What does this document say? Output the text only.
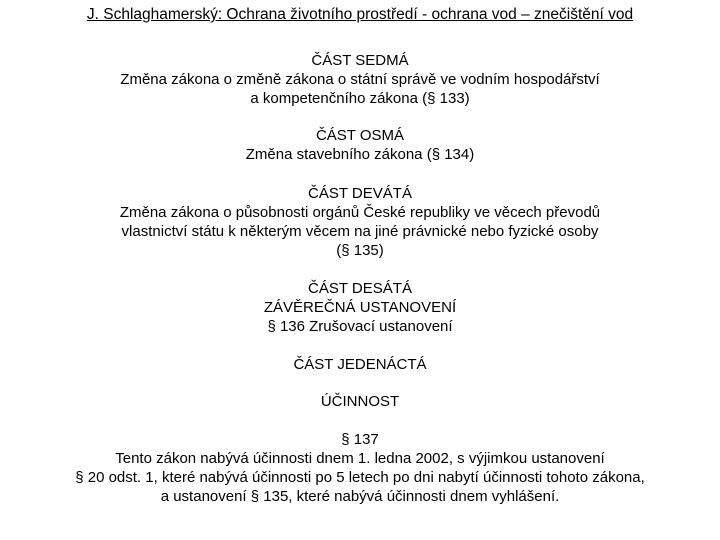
J. Schlaghamerský: Ochrana životního prostředí - ochrana vod – znečištění vod

ČÁST SEDMÁ

Změna zákona o změně zákona o státní správě ve vodním hospodářství

a kompetenčního zákona (§ 133)

ČÁST OSMÁ

Změna stavebního zákona (§ 134)

ČÁST DEVÁTÁ

Změna zákona o působnosti orgánů České republiky ve věcech převodů

vlastnictví státu k některým věcem na jiné právnické nebo fyzické osoby

(§ 135)

ČÁST DESÁTÁ

ZÁVĚREČNÁ USTANOVENÍ

§ 136 Zrušovací ustanovení

ČÁST JEDENÁCTÁ

ÚČINNOST

§ 137

Tento zákon nabývá účinnosti dnem 1. ledna 2002, s výjimkou ustanovení

§ 20 odst. 1, které nabývá účinnosti po 5 letech po dni nabytí účinnosti tohoto zákona,

a ustanovení § 135, které nabývá účinnosti dnem vyhlášení.
